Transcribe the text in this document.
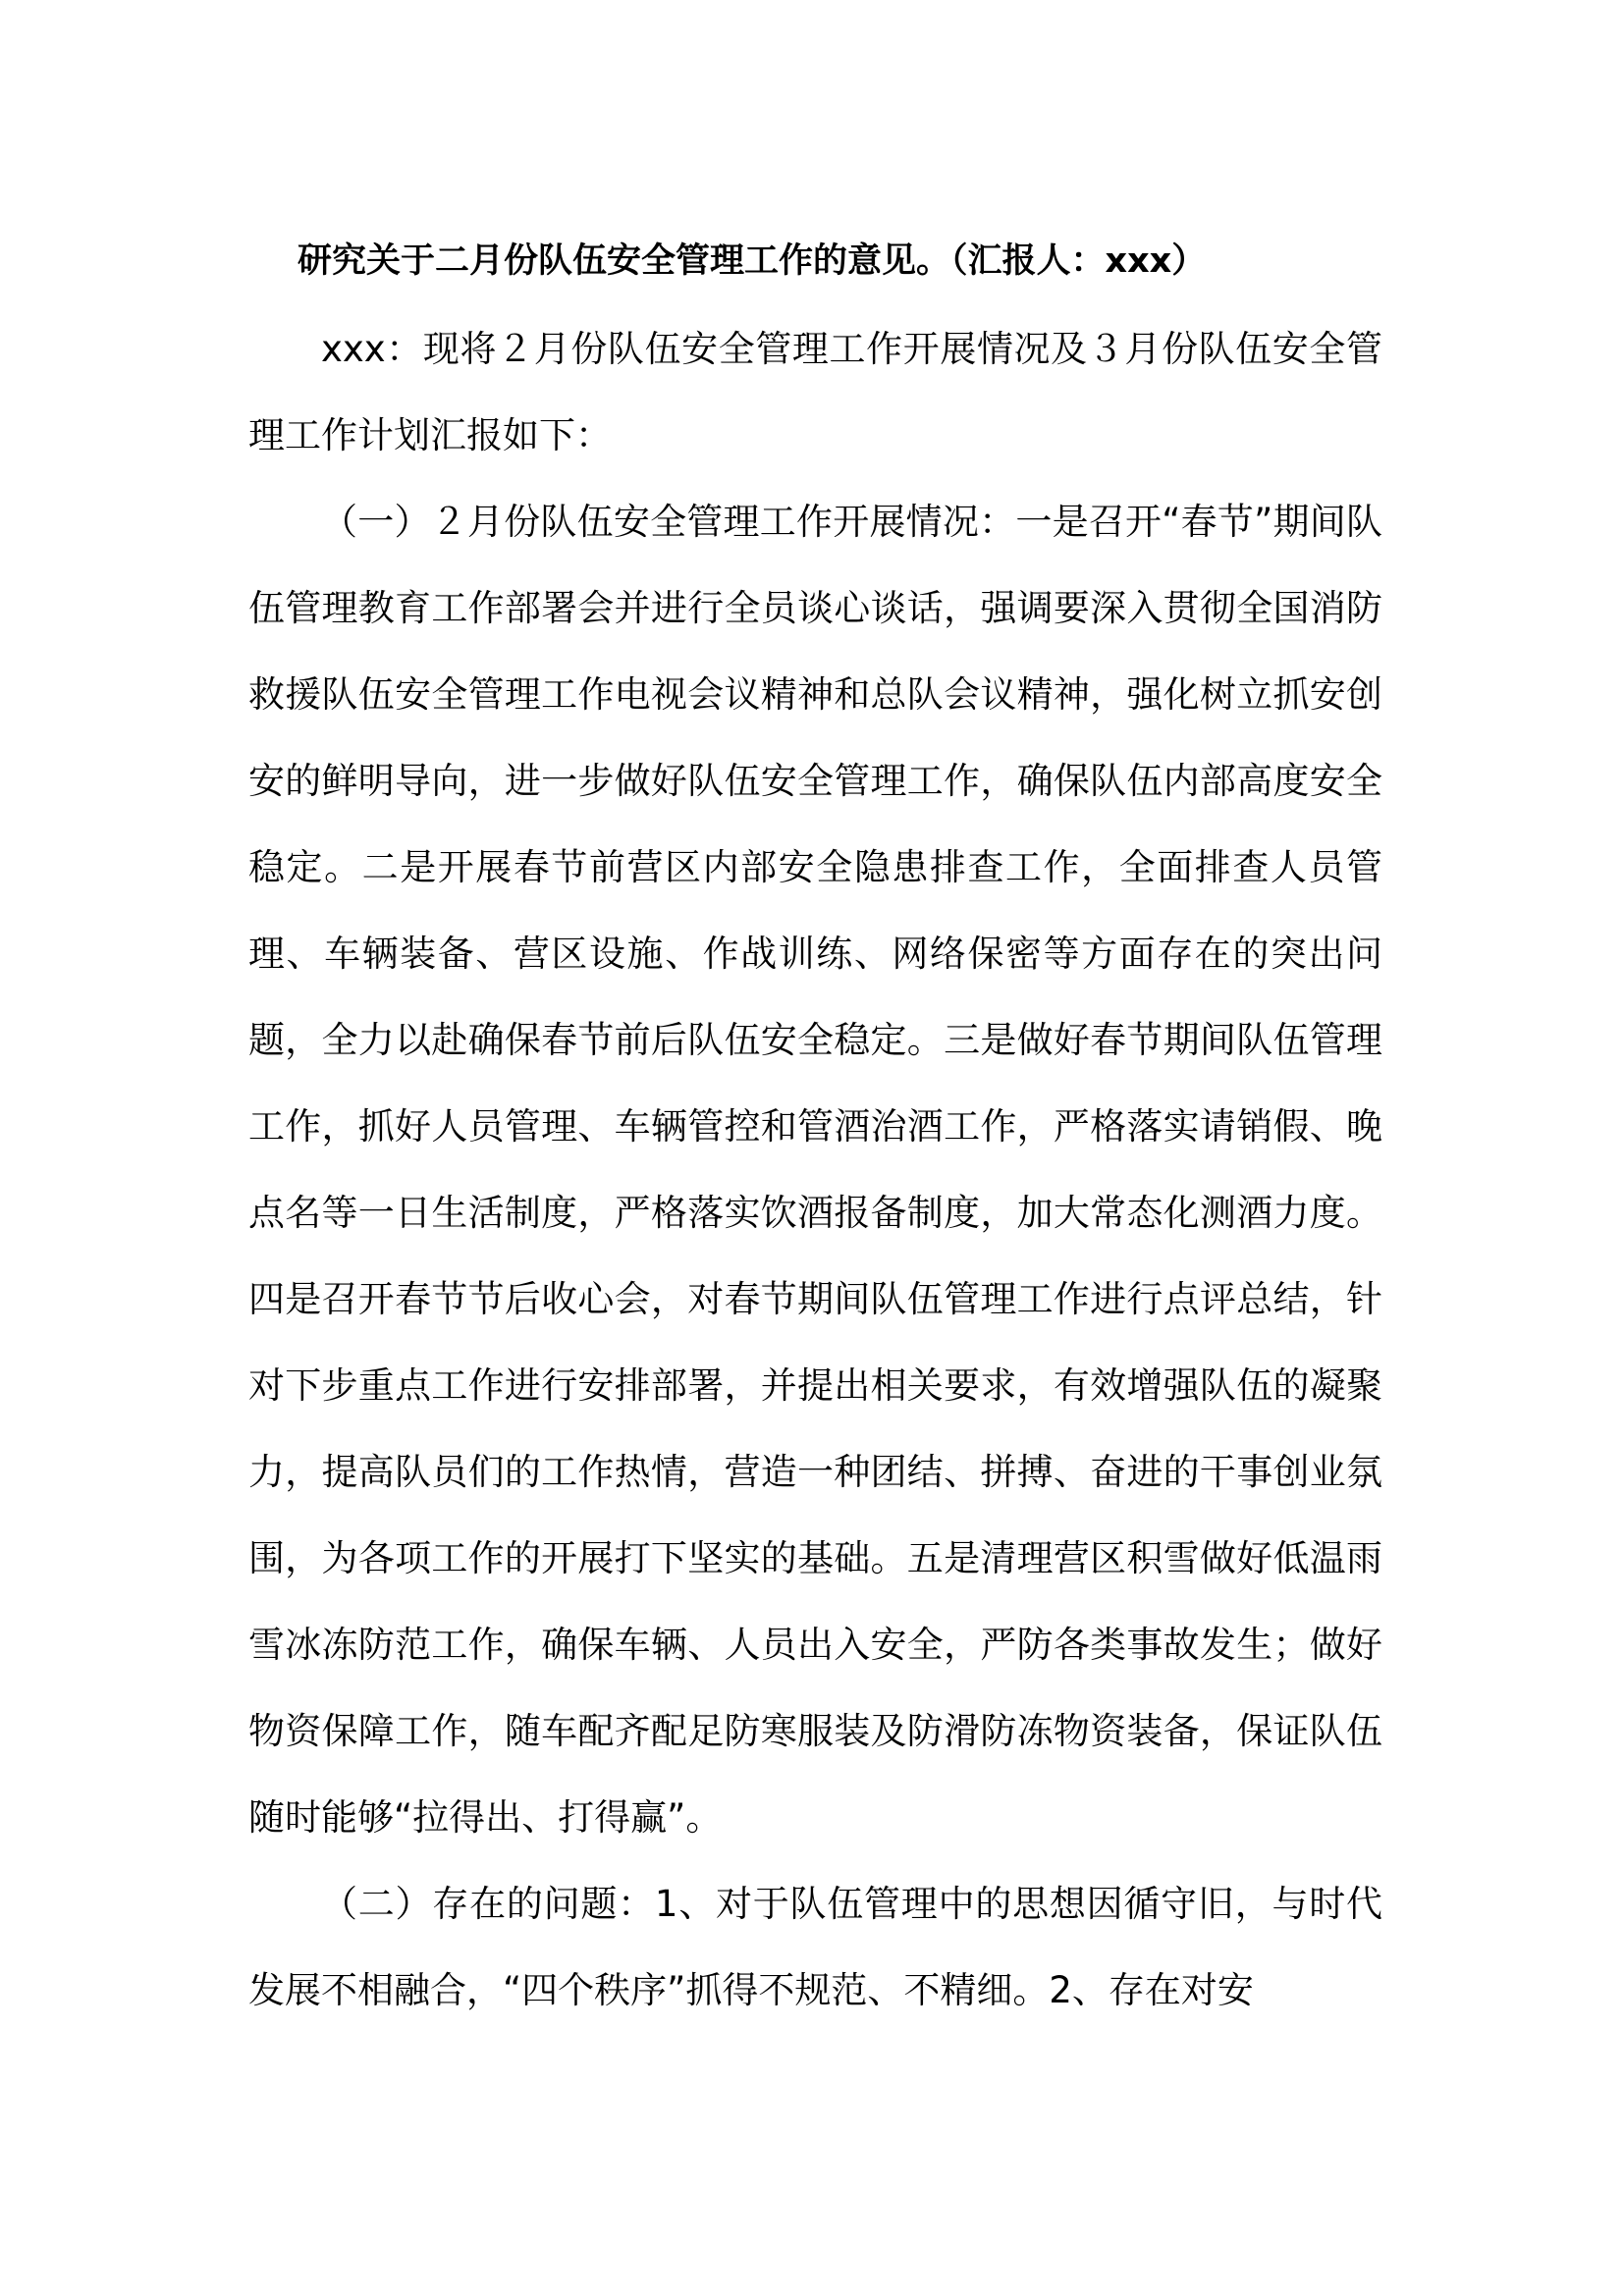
研究关于二月份队伍安全管理工作的意见。（汇报人：xxx）

xxx：现将２月份队伍安全管理工作开展情况及３月份队伍安全管理工作计划汇报如下：

（一）２月份队伍安全管理工作开展情况：一是召开“春节”期间队伍管理教育工作部署会并进行全员谈心谈话，强调要深入贯彻全国消防救援队伍安全管理工作电视会议精神和总队会议精神，强化树立抓安创安的鲜明导向，进一步做好队伍安全管理工作，确保队伍内部高度安全稳定。二是开展春节前营区内部安全隐患排查工作，全面排查人员管理、车辆装备、营区设施、作战训练、网络保密等方面存在的突出问题，全力以赴确保春节前后队伍安全稳定。三是做好春节期间队伍管理工作，抓好人员管理、车辆管控和管酒治酒工作，严格落实请销假、晚点名等一日生活制度，严格落实饮酒报备制度，加大常态化测酒力度。四是召开春节节后收心会，对春节期间队伍管理工作进行点评总结，针对下步重点工作进行安排部署，并提出相关要求，有效增强队伍的凝聚力，提高队员们的工作热情，营造一种团结、拼搏、奋进的干事创业氛围，为各项工作的开展打下坚实的基础。五是清理营区积雪做好低温雨雪冰冻防范工作，确保车辆、人员出入安全，严防各类事故发生；做好物资保障工作，随车配齐配足防寒服装及防滑防冻物资装备，保证队伍随时能够“拉得出、打得赢”。

（二）存在的问题：1、对于队伍管理中的思想因循守旧，与时代发展不相融合，“四个秩序”抓得不规范、不精细。2、存在对安
